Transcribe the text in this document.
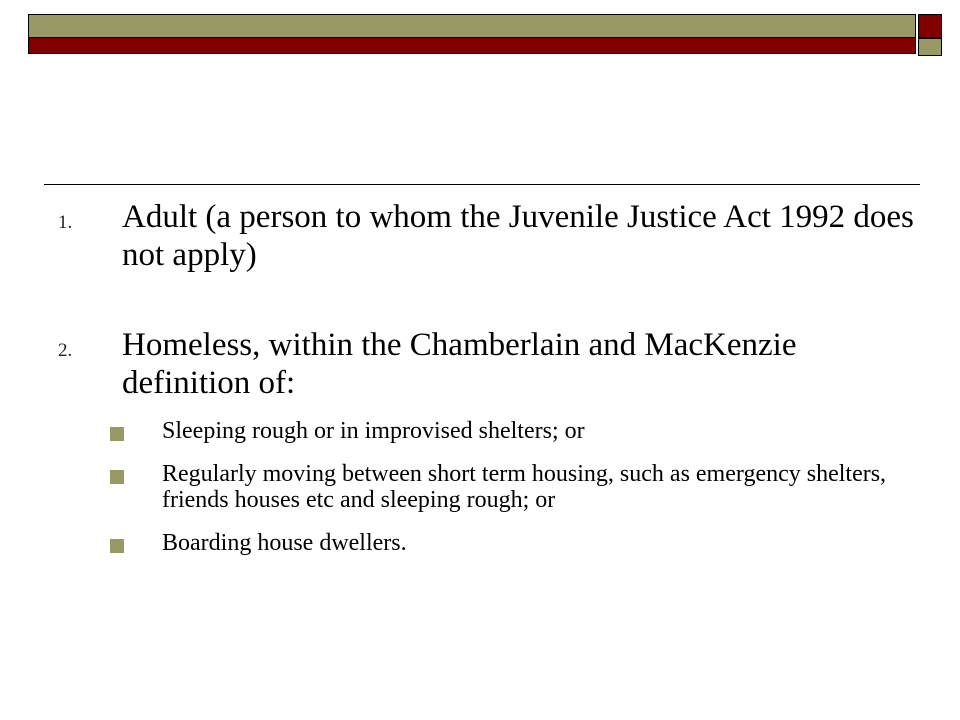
1. Adult (a person to whom the Juvenile Justice Act 1992 does not apply)
2. Homeless, within the Chamberlain and MacKenzie definition of:
Sleeping rough or in improvised shelters; or
Regularly moving between short term housing, such as emergency shelters, friends houses etc and sleeping rough; or
Boarding house dwellers.
